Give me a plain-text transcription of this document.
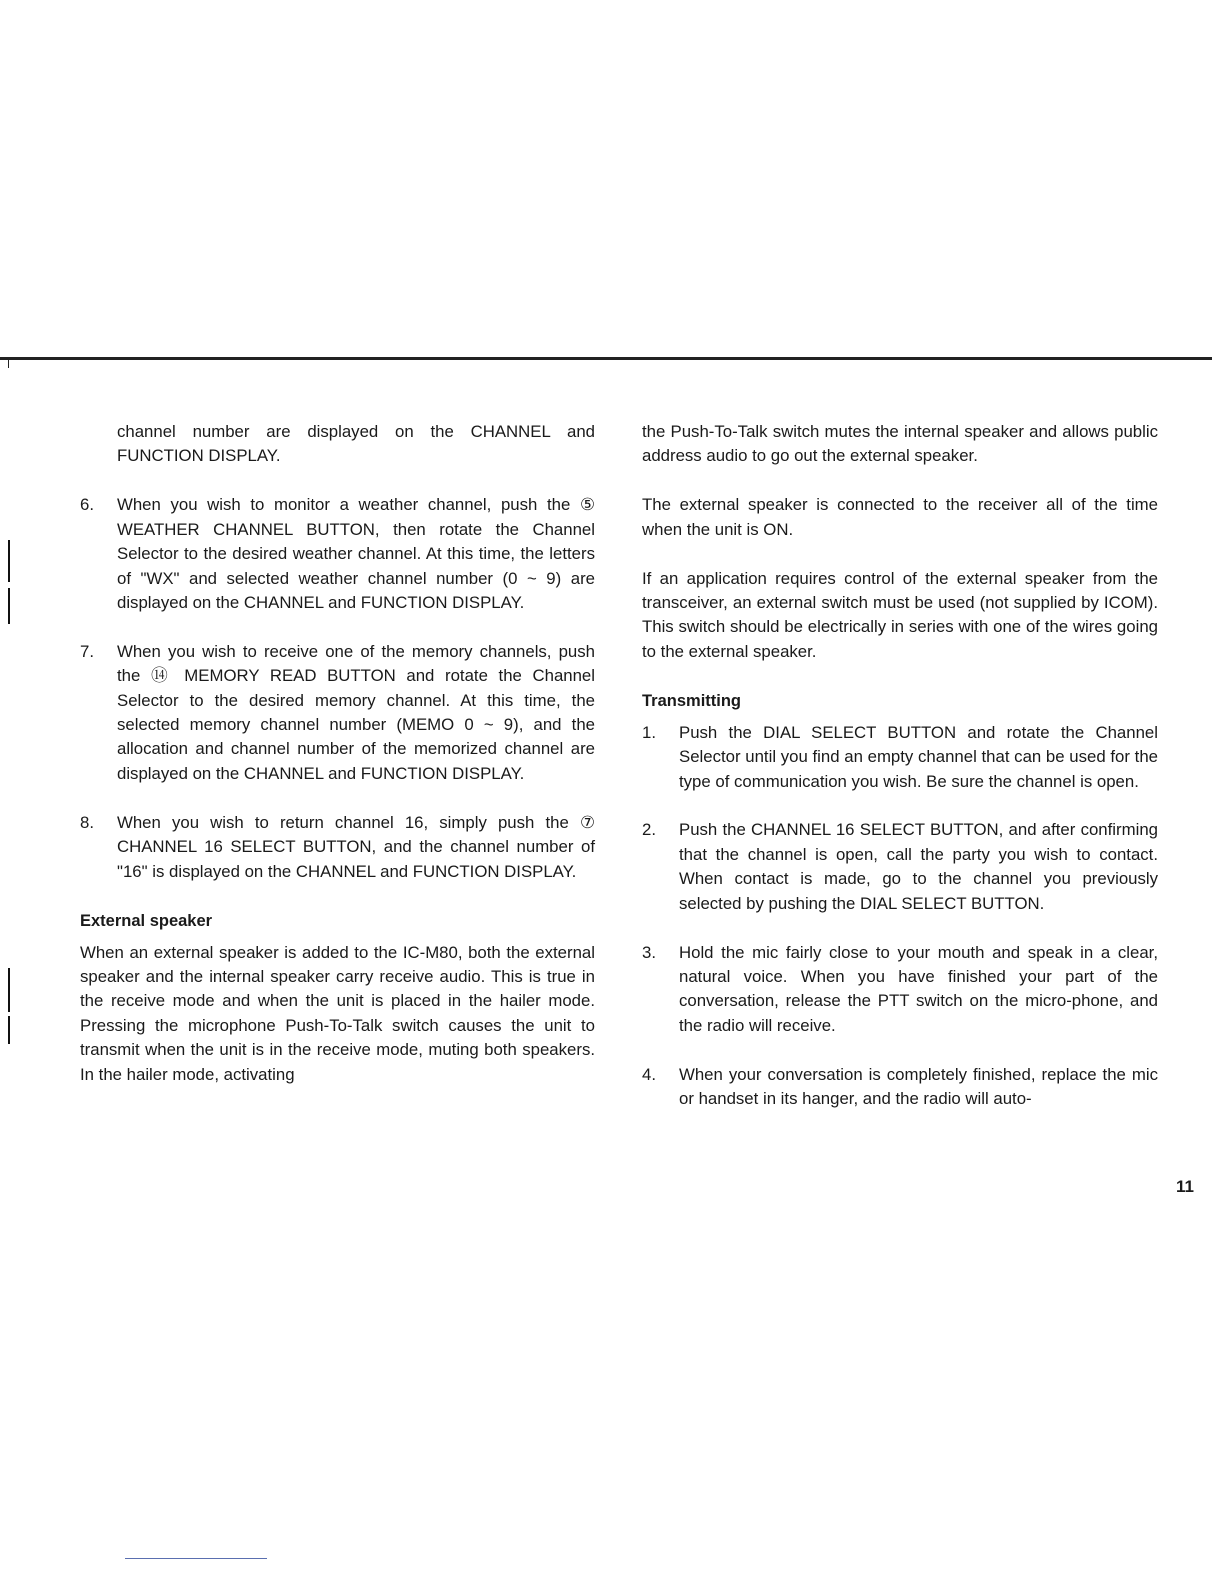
channel number are displayed on the CHANNEL and FUNCTION DISPLAY.

6. When you wish to monitor a weather channel, push the ⑤ WEATHER CHANNEL BUTTON, then rotate the Channel Selector to the desired weather channel. At this time, the letters of "WX" and selected weather channel number (0 ~ 9) are displayed on the CHANNEL and FUNCTION DISPLAY.
7. When you wish to receive one of the memory channels, push the ⑭ MEMORY READ BUTTON and rotate the Channel Selector to the desired memory channel. At this time, the selected memory channel number (MEMO 0 ~ 9), and the allocation and channel number of the memorized channel are displayed on the CHANNEL and FUNCTION DISPLAY.
8. When you wish to return channel 16, simply push the ⑦ CHANNEL 16 SELECT BUTTON, and the channel number of "16" is displayed on the CHANNEL and FUNCTION DISPLAY.
External speaker

When an external speaker is added to the IC-M80, both the external speaker and the internal speaker carry receive audio. This is true in the receive mode and when the unit is placed in the hailer mode. Pressing the microphone Push-To-Talk switch causes the unit to transmit when the unit is in the receive mode, muting both speakers. In the hailer mode, activating

the Push-To-Talk switch mutes the internal speaker and allows public address audio to go out the external speaker.

The external speaker is connected to the receiver all of the time when the unit is ON.

If an application requires control of the external speaker from the transceiver, an external switch must be used (not supplied by ICOM). This switch should be electrically in series with one of the wires going to the external speaker.

Transmitting
1. Push the DIAL SELECT BUTTON and rotate the Channel Selector until you find an empty channel that can be used for the type of communication you wish. Be sure the channel is open.
2. Push the CHANNEL 16 SELECT BUTTON, and after confirming that the channel is open, call the party you wish to contact. When contact is made, go to the channel you previously selected by pushing the DIAL SELECT BUTTON.
3. Hold the mic fairly close to your mouth and speak in a clear, natural voice. When you have finished your part of the conversation, release the PTT switch on the micro-phone, and the radio will receive.
4. When your conversation is completely finished, replace the mic or handset in its hanger, and the radio will auto-
11
